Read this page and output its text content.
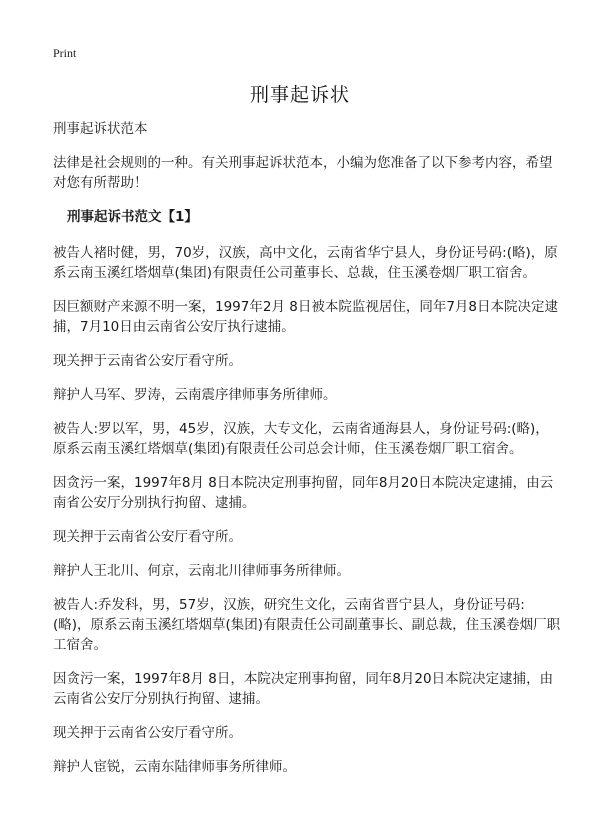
Print
刑事起诉状

刑事起诉状范本

法律是社会规则的一种。有关刑事起诉状范本，小编为您准备了以下参考内容，希望对您有所帮助！

刑事起诉书范文【1】

被告人褚时健，男，70岁，汉族，高中文化，云南省华宁县人，身份证号码:(略)，原系云南玉溪红塔烟草(集团)有限责任公司董事长、总裁，住玉溪卷烟厂职工宿舍。

因巨额财产来源不明一案，1997年2月 8日被本院监视居住，同年7月8日本院决定逮捕，7月10日由云南省公安厅执行逮捕。

现关押于云南省公安厅看守所。

辩护人马军、罗涛，云南震序律师事务所律师。

被告人:罗以军，男，45岁，汉族，大专文化，云南省通海县人，身份证号码:(略)，原系云南玉溪红塔烟草(集团)有限责任公司总会计师，住玉溪卷烟厂职工宿舍。

因贪污一案，1997年8月 8日本院决定刑事拘留，同年8月20日本院决定逮捕，由云南省公安厅分别执行拘留、逮捕。

现关押于云南省公安厅看守所。

辩护人王北川、何京，云南北川律师事务所律师。

被告人:乔发科，男，57岁，汉族，研究生文化，云南省晋宁县人，身份证号码:(略)，原系云南玉溪红塔烟草(集团)有限责任公司副董事长、副总裁，住玉溪卷烟厂职工宿舍。

因贪污一案，1997年8月 8日，本院决定刑事拘留，同年8月20日本院决定逮捕，由云南省公安厅分别执行拘留、逮捕。

现关押于云南省公安厅看守所。

辩护人宦锐，云南东陆律师事务所律师。
